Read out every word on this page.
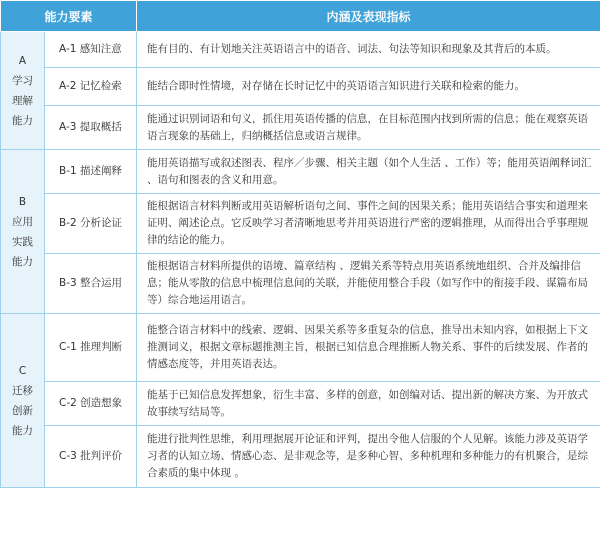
能力要素		内涵及表现指标

A
学习
理解
能力	A-1 感知注意	能有目的、有计划地关注英语语言中的语音、词法、句法等知识和现象及其背后的本质。
	A-2 记忆检索	能结合即时性情境，对存储在长时记忆中的英语语言知识进行关联和检索的能力。
	A-3 提取概括	能通过识别词语和句义，抓住用英语传播的信息，在目标范围内找到所需的信息；能在观察英语语言现象的基础上，归纳概括信息或语言规律。

B
应用
实践
能力	B-1 描述阐释	能用英语描写或叙述图表、程序／步骤、相关主题（如个人生活 、工作）等；能用英语阐释词汇 、语句和图表的含义和用意。
	B-2 分析论证	能根据语言材料判断或用英语解析语句之间、事件之间的因果关系；能用英语结合事实和道理来证明、阐述论点。它反映学习者清晰地思考并用英语进行严密的逻辑推理，从而得出合乎事理规律的结论的能力。
	B-3 整合运用	能根据语言材料所提供的语境、篇章结构 、逻辑关系等特点用英语系统地组织、合并及编排信息；能从零散的信息中梳理信息间的关联，并能使用整合手段（如写作中的衔接手段、谋篇布局等）综合地运用语言。

C
迁移
创新
能力	C-1 推理判断	能整合语言材料中的线索、逻辑、因果关系等多重复杂的信息，推导出未知内容，如根据上下文推测词义，根据文章标题推测主旨，根据已知信息合理推断人物关系、事件的后续发展、作者的情感态度等，并用英语表达。
	C-2 创造想象	能基于已知信息发挥想象，衍生丰富、多样的创意，如创编对话、提出新的解决方案、为开放式故事续写结局等。
	C-3 批判评价	能进行批判性思维，利用理据展开论证和评判，提出令他人信服的个人见解。该能力涉及英语学习者的认知立场、情感心态、是非观念等，是多种心智、多种机理和多种能力的有机聚合，是综合素质的集中体现 。
